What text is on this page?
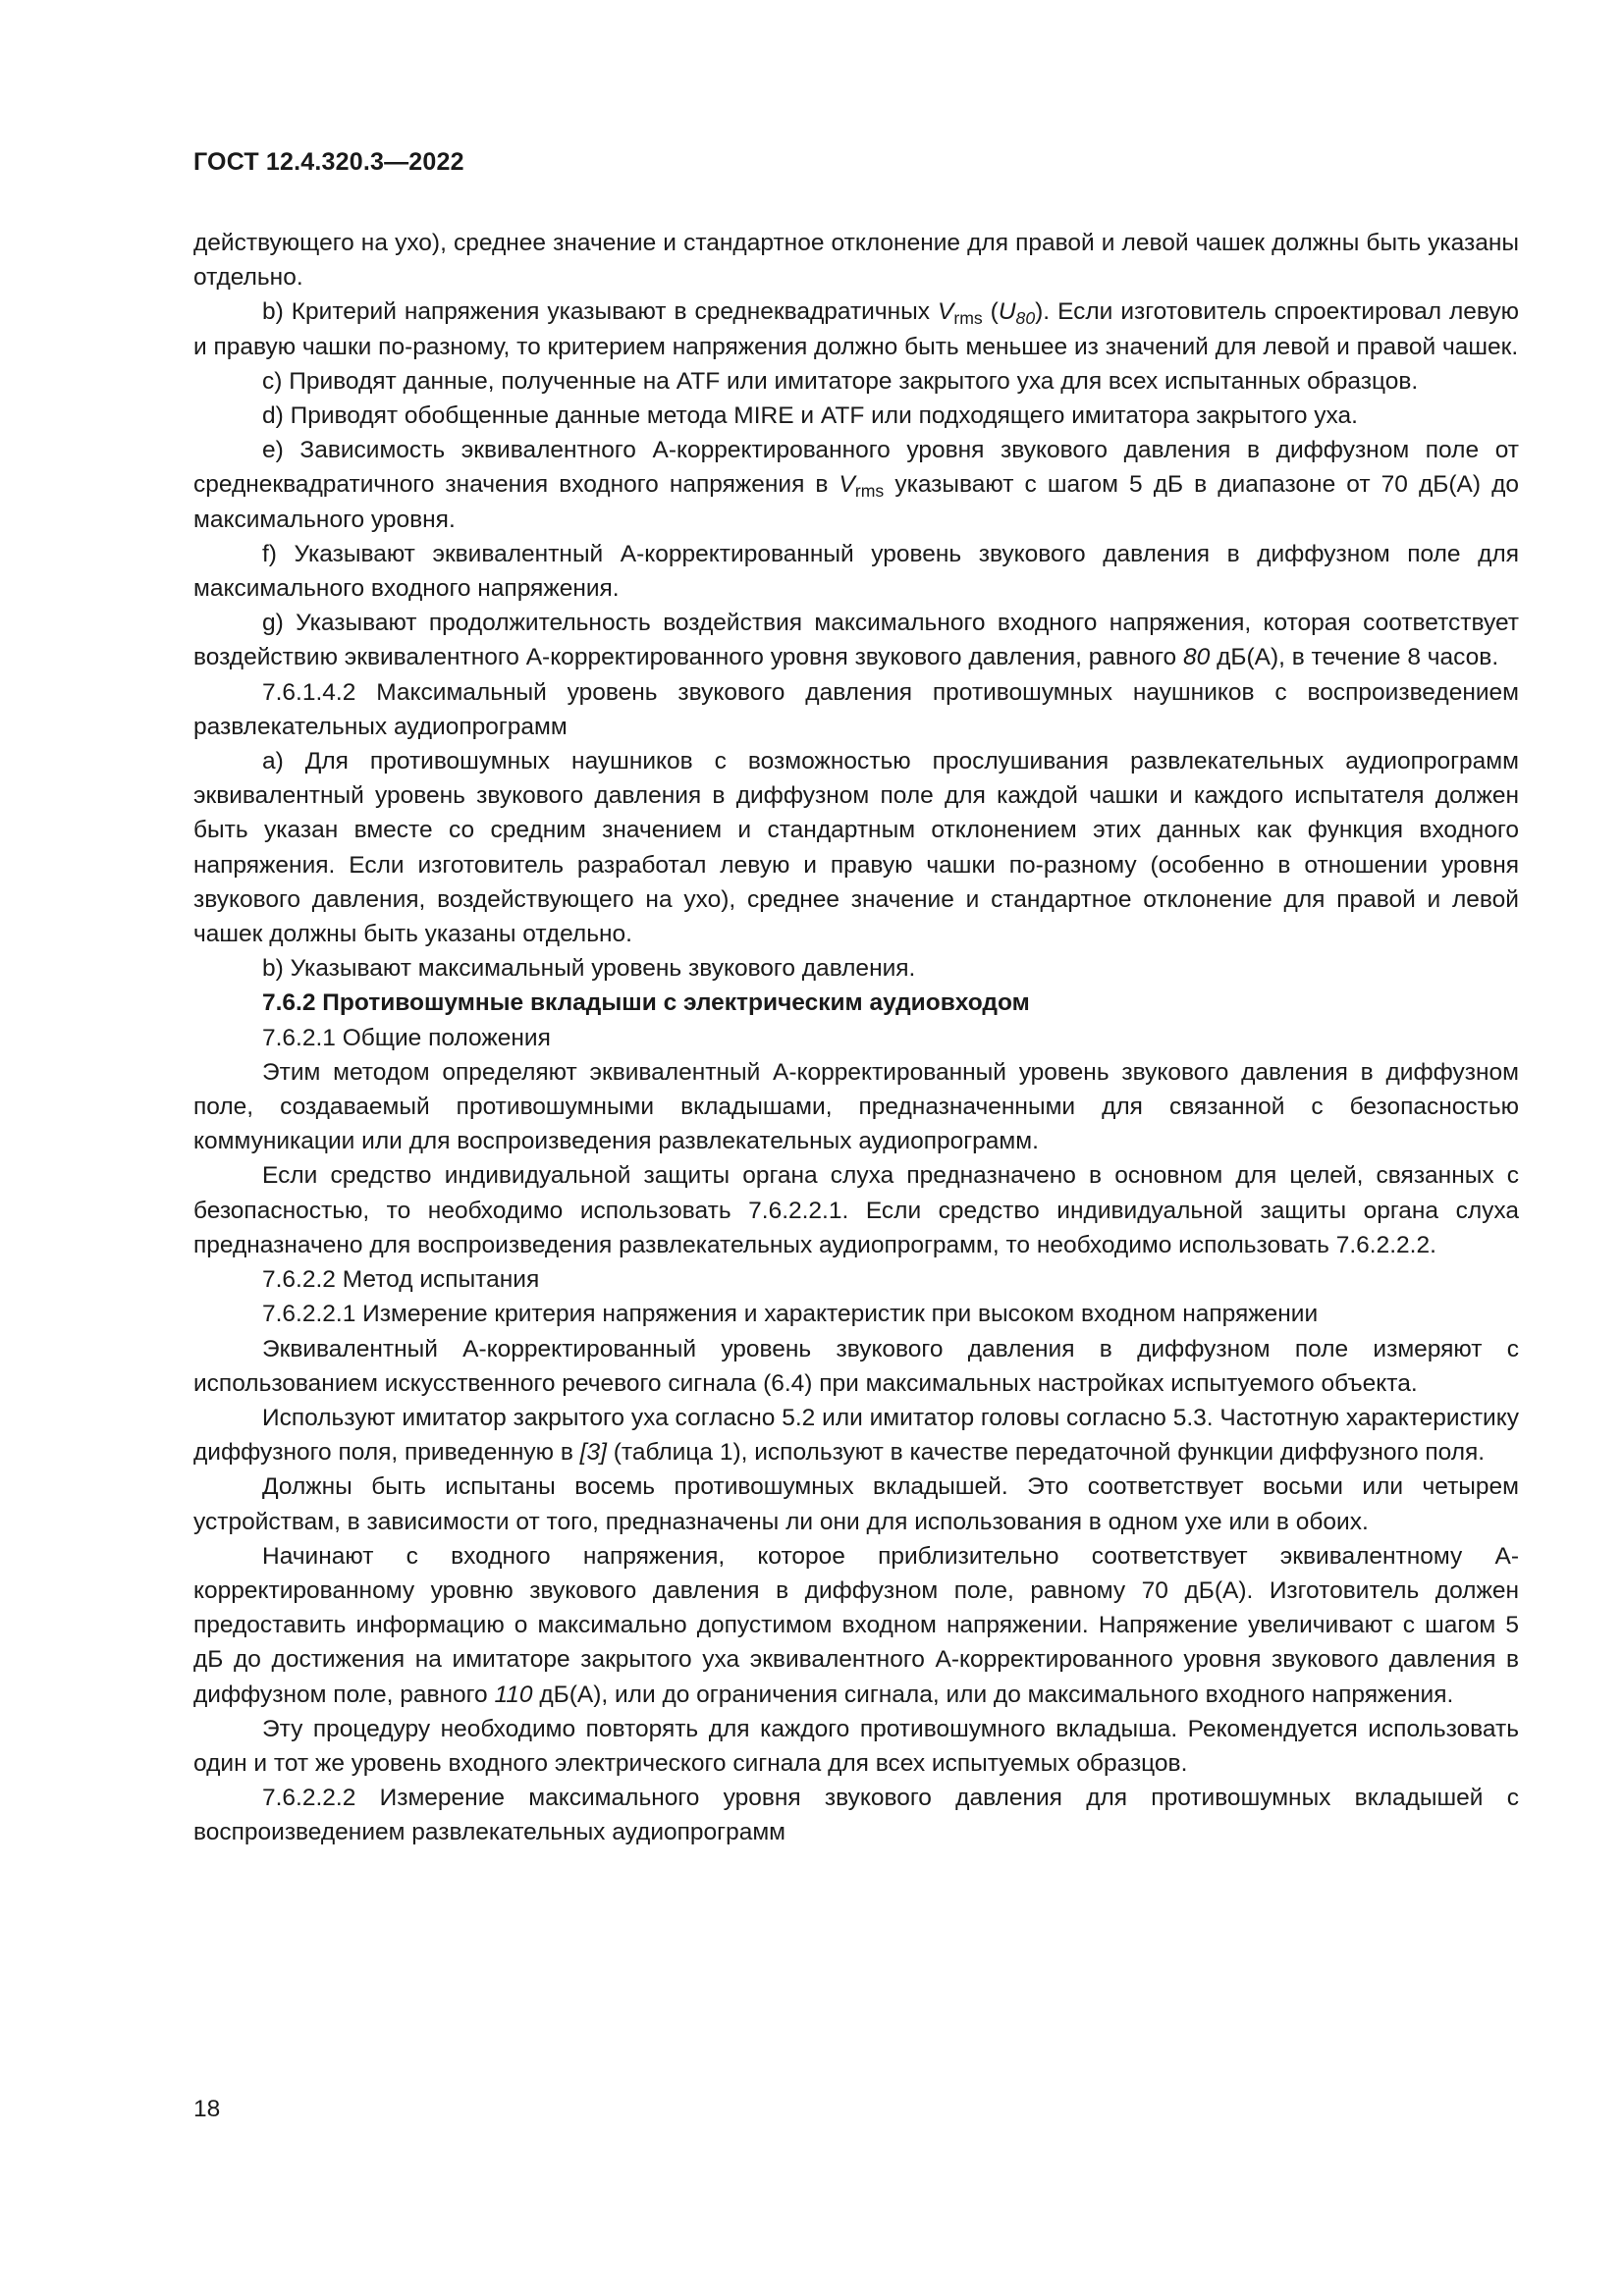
ГОСТ 12.4.320.3—2022

действующего на ухо), среднее значение и стандартное отклонение для правой и левой чашек должны быть указаны отдельно.

b) Критерий напряжения указывают в среднеквадратичных $V_{rms}$ $(U_{80})$. Если изготовитель спроектировал левую и правую чашки по-разному, то критерием напряжения должно быть меньшее из значений для левой и правой чашек.

c) Приводят данные, полученные на ATF или имитаторе закрытого уха для всех испытанных образцов.

d) Приводят обобщенные данные метода MIRE и ATF или подходящего имитатора закрытого уха.

e) Зависимость эквивалентного А-корректированного уровня звукового давления в диффузном поле от среднеквадратичного значения входного напряжения в $V_{rms}$ указывают с шагом 5 дБ в диапазоне от 70 дБ(А) до максимального уровня.

f) Указывают эквивалентный А-корректированный уровень звукового давления в диффузном поле для максимального входного напряжения.

g) Указывают продолжительность воздействия максимального входного напряжения, которая соответствует воздействию эквивалентного А-корректированного уровня звукового давления, равного 80 дБ(А), в течение 8 часов.

7.6.1.4.2 Максимальный уровень звукового давления противошумных наушников с воспроизведением развлекательных аудиопрограмм

a) Для противошумных наушников с возможностью прослушивания развлекательных аудиопрограмм эквивалентный уровень звукового давления в диффузном поле для каждой чашки и каждого испытателя должен быть указан вместе со средним значением и стандартным отклонением этих данных как функция входного напряжения. Если изготовитель разработал левую и правую чашки по-разному (особенно в отношении уровня звукового давления, воздействующего на ухо), среднее значение и стандартное отклонение для правой и левой чашек должны быть указаны отдельно.

b) Указывают максимальный уровень звукового давления.

7.6.2 Противошумные вкладыши с электрическим аудиовходом

7.6.2.1 Общие положения

Этим методом определяют эквивалентный А-корректированный уровень звукового давления в диффузном поле, создаваемый противошумными вкладышами, предназначенными для связанной с безопасностью коммуникации или для воспроизведения развлекательных аудиопрограмм.

Если средство индивидуальной защиты органа слуха предназначено в основном для целей, связанных с безопасностью, то необходимо использовать 7.6.2.2.1. Если средство индивидуальной защиты органа слуха предназначено для воспроизведения развлекательных аудиопрограмм, то необходимо использовать 7.6.2.2.2.

7.6.2.2 Метод испытания

7.6.2.2.1 Измерение критерия напряжения и характеристик при высоком входном напряжении

Эквивалентный А-корректированный уровень звукового давления в диффузном поле измеряют с использованием искусственного речевого сигнала (6.4) при максимальных настройках испытуемого объекта.

Используют имитатор закрытого уха согласно 5.2 или имитатор головы согласно 5.3. Частотную характеристику диффузного поля, приведенную в [3] (таблица 1), используют в качестве передаточной функции диффузного поля.

Должны быть испытаны восемь противошумных вкладышей. Это соответствует восьми или четырем устройствам, в зависимости от того, предназначены ли они для использования в одном ухе или в обоих.

Начинают с входного напряжения, которое приблизительно соответствует эквивалентному А-корректированному уровню звукового давления в диффузном поле, равному 70 дБ(А). Изготовитель должен предоставить информацию о максимально допустимом входном напряжении. Напряжение увеличивают с шагом 5 дБ до достижения на имитаторе закрытого уха эквивалентного А-корректированного уровня звукового давления в диффузном поле, равного 110 дБ(А), или до ограничения сигнала, или до максимального входного напряжения.

Эту процедуру необходимо повторять для каждого противошумного вкладыша. Рекомендуется использовать один и тот же уровень входного электрического сигнала для всех испытуемых образцов.

7.6.2.2.2 Измерение максимального уровня звукового давления для противошумных вкладышей с воспроизведением развлекательных аудиопрограмм

18
